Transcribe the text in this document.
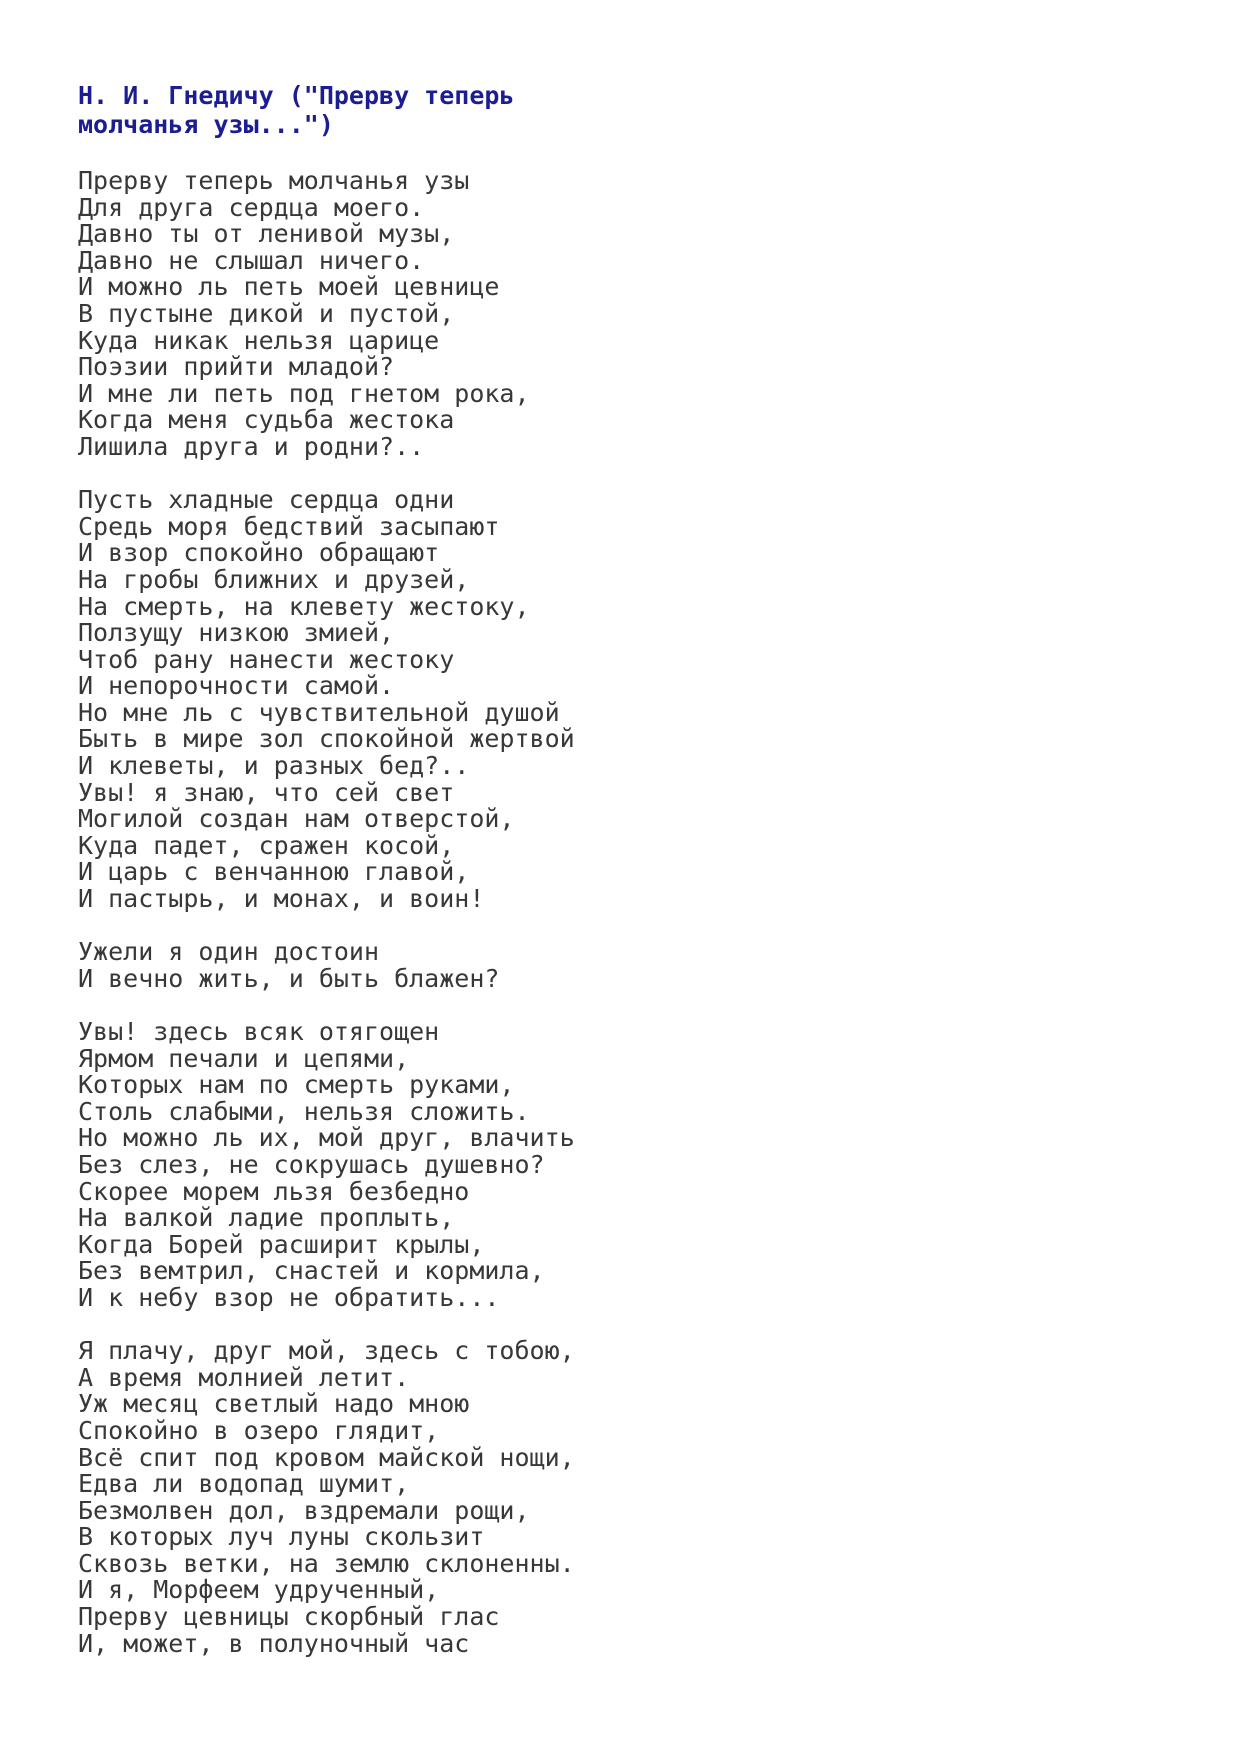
Н. И. Гнедичу ("Прерву теперь
молчанья узы...")
Прерву теперь молчанья узы
Для друга сердца моего.
Давно ты от ленивой музы,
Давно не слышал ничего.
И можно ль петь моей цевнице
В пустыне дикой и пустой,
Куда никак нельзя царице
Поэзии прийти младой?
И мне ли петь под гнетом рока,
Когда меня судьба жестока
Лишила друга и родни?..
Пусть хладные сердца одни
Средь моря бедствий засыпают
И взор спокойно обращают
На гробы ближних и друзей,
На смерть, на клевету жестоку,
Ползущу низкою змией,
Чтоб рану нанести жестоку
И непорочности самой.
Но мне ль с чувствительной душой
Быть в мире зол спокойной жертвой
И клеветы, и разных бед?..
Увы! я знаю, что сей свет
Могилой создан нам отверстой,
Куда падет, сражен косой,
И царь с венчанною главой,
И пастырь, и монах, и воин!
Ужели я один достоин
И вечно жить, и быть блажен?
Увы! здесь всяк отягощен
Ярмом печали и цепями,
Которых нам по смерть руками,
Столь слабыми, нельзя сложить.
Но можно ль их, мой друг, влачить
Без слез, не сокрушась душевно?
Скорее морем льзя безбедно
На валкой ладие проплыть,
Когда Борей расширит крылы,
Без вемтрил, снастей и кормила,
И к небу взор не обратить...
Я плачу, друг мой, здесь с тобою,
А время молнией летит.
Уж месяц светлый надо мною
Спокойно в озеро глядит,
Всё спит под кровом майской нощи,
Едва ли водопад шумит,
Безмолвен дол, вздремали рощи,
В которых луч луны скользит
Сквозь ветки, на землю склоненны.
И я, Морфеем удрученный,
Прерву цевницы скорбный глас
И, может, в полуночный час
